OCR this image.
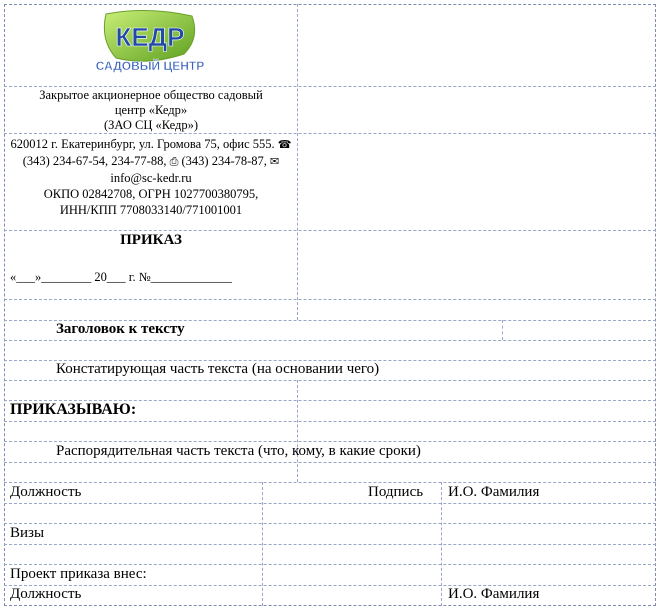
КЕДР
САДОВЫЙ ЦЕНТР
Закрытое акционерное общество садовый
центр «Кедр»
(ЗАО СЦ «Кедр»)
620012 г. Екатеринбург, ул. Громова 75, офис 555. ☎ (343) 234-67-54, 234-77-88, ⎙ (343) 234-78-87, ✉ info@sc-kedr.ru
ОКПО 02842708, ОГРН 1027700380795,
ИНН/КПП 7708033140/771001001
ПРИКАЗ
«___»________ 20___ г. №_____________
Заголовок к тексту
Констатирующая часть текста (на основании чего)
ПРИКАЗЫВАЮ:
Распорядительная часть текста (что, кому, в какие сроки)
Должность	Подпись И.О. Фамилия
Визы
Проект приказа внес:
Должность	И.О. Фамилия
